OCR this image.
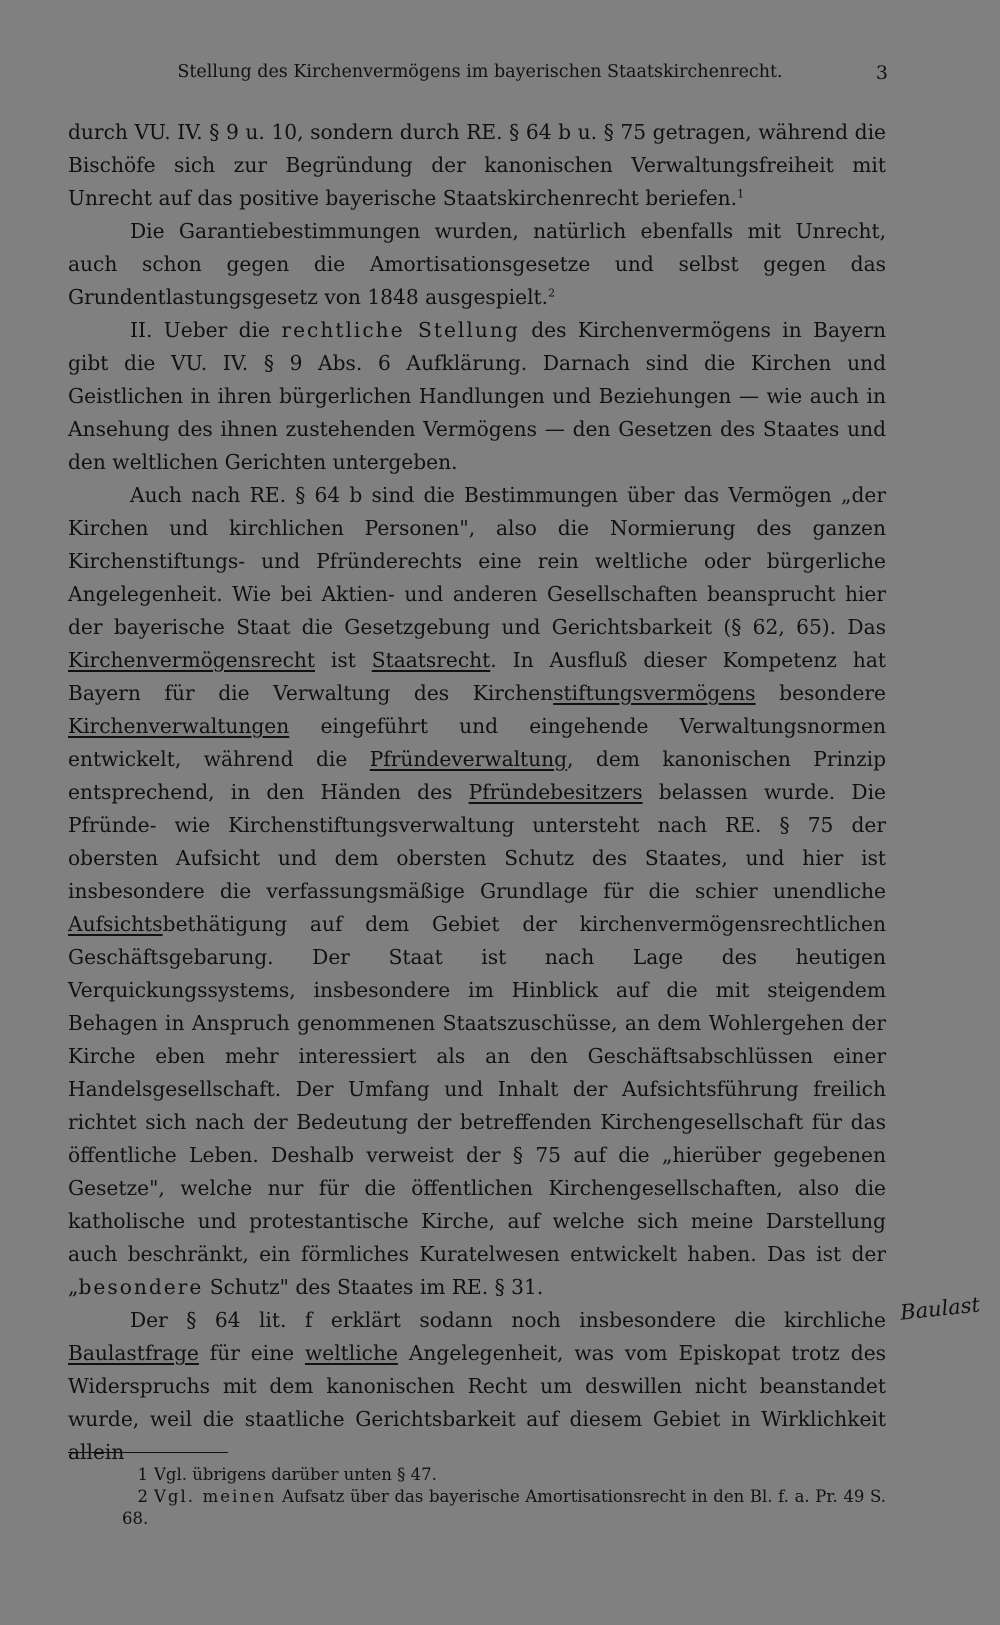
Stellung des Kirchenvermögens im bayerischen Staatskirchenrecht.	3

durch VU. IV. § 9 u. 10, sondern durch RE. § 64 b u. § 75 getragen, während die Bischöfe sich zur Begründung der kanonischen Verwaltungsfreiheit mit Unrecht auf das positive bayerische Staatskirchenrecht beriefen.$^1$

Die Garantiebestimmungen wurden, natürlich ebenfalls mit Unrecht, auch schon gegen die Amortisationsgesetze und selbst gegen das Grundentlastungsgesetz von 1848 ausgespielt.$^2$

II. Ueber die rechtliche Stellung des Kirchenvermögens in Bayern gibt die VU. IV. § 9 Abs. 6 Aufklärung. Darnach sind die Kirchen und Geistlichen in ihren bürgerlichen Handlungen und Beziehungen — wie auch in Ansehung des ihnen zustehenden Vermögens — den Gesetzen des Staates und den weltlichen Gerichten untergeben.

Auch nach RE. § 64 b sind die Bestimmungen über das Vermögen „der Kirchen und kirchlichen Personen", also die Normierung des ganzen Kirchenstiftungs- und Pfründerechts eine rein weltliche oder bürgerliche Angelegenheit. Wie bei Aktien- und anderen Gesellschaften beansprucht hier der bayerische Staat die Gesetzgebung und Gerichtsbarkeit (§ 62, 65). Das Kirchenvermögensrecht ist Staatsrecht. In Ausfluß dieser Kompetenz hat Bayern für die Verwaltung des Kirchenstiftungsvermögens besondere Kirchenverwaltungen eingeführt und eingehende Verwaltungsnormen entwickelt, während die Pfründeverwaltung, dem kanonischen Prinzip entsprechend, in den Händen des Pfründebesitzers belassen wurde. Die Pfründe- wie Kirchenstiftungsverwaltung untersteht nach RE. § 75 der obersten Aufsicht und dem obersten Schutz des Staates, und hier ist insbesondere die verfassungsmäßige Grundlage für die schier unendliche Aufsichtsbethätigung auf dem Gebiet der kirchenvermögensrechtlichen Geschäftsgebarung. Der Staat ist nach Lage des heutigen Verquickungssystems, insbesondere im Hinblick auf die mit steigendem Behagen in Anspruch genommenen Staatszuschüsse, an dem Wohlergehen der Kirche eben mehr interessiert als an den Geschäftsabschlüssen einer Handelsgesellschaft. Der Umfang und Inhalt der Aufsichtsführung freilich richtet sich nach der Bedeutung der betreffenden Kirchengesellschaft für das öffentliche Leben. Deshalb verweist der § 75 auf die „hierüber gegebenen Gesetze", welche nur für die öffentlichen Kirchengesellschaften, also die katholische und protestantische Kirche, auf welche sich meine Darstellung auch beschränkt, ein förmliches Kuratelwesen entwickelt haben. Das ist der „besondere Schutz" des Staates im RE. § 31.

Der § 64 lit. f erklärt sodann noch insbesondere die kirchliche Baulastfrage für eine weltliche Angelegenheit, was vom Episkopat trotz des Widerspruchs mit dem kanonischen Recht um deswillen nicht beanstandet wurde, weil die staatliche Gerichtsbarkeit auf diesem Gebiet in Wirklichkeit allein

Baulast

1 Vgl. übrigens darüber unten § 47.

2 Vgl. meinen Aufsatz über das bayerische Amortisationsrecht in den Bl. f. a. Pr. 49 S. 68.
